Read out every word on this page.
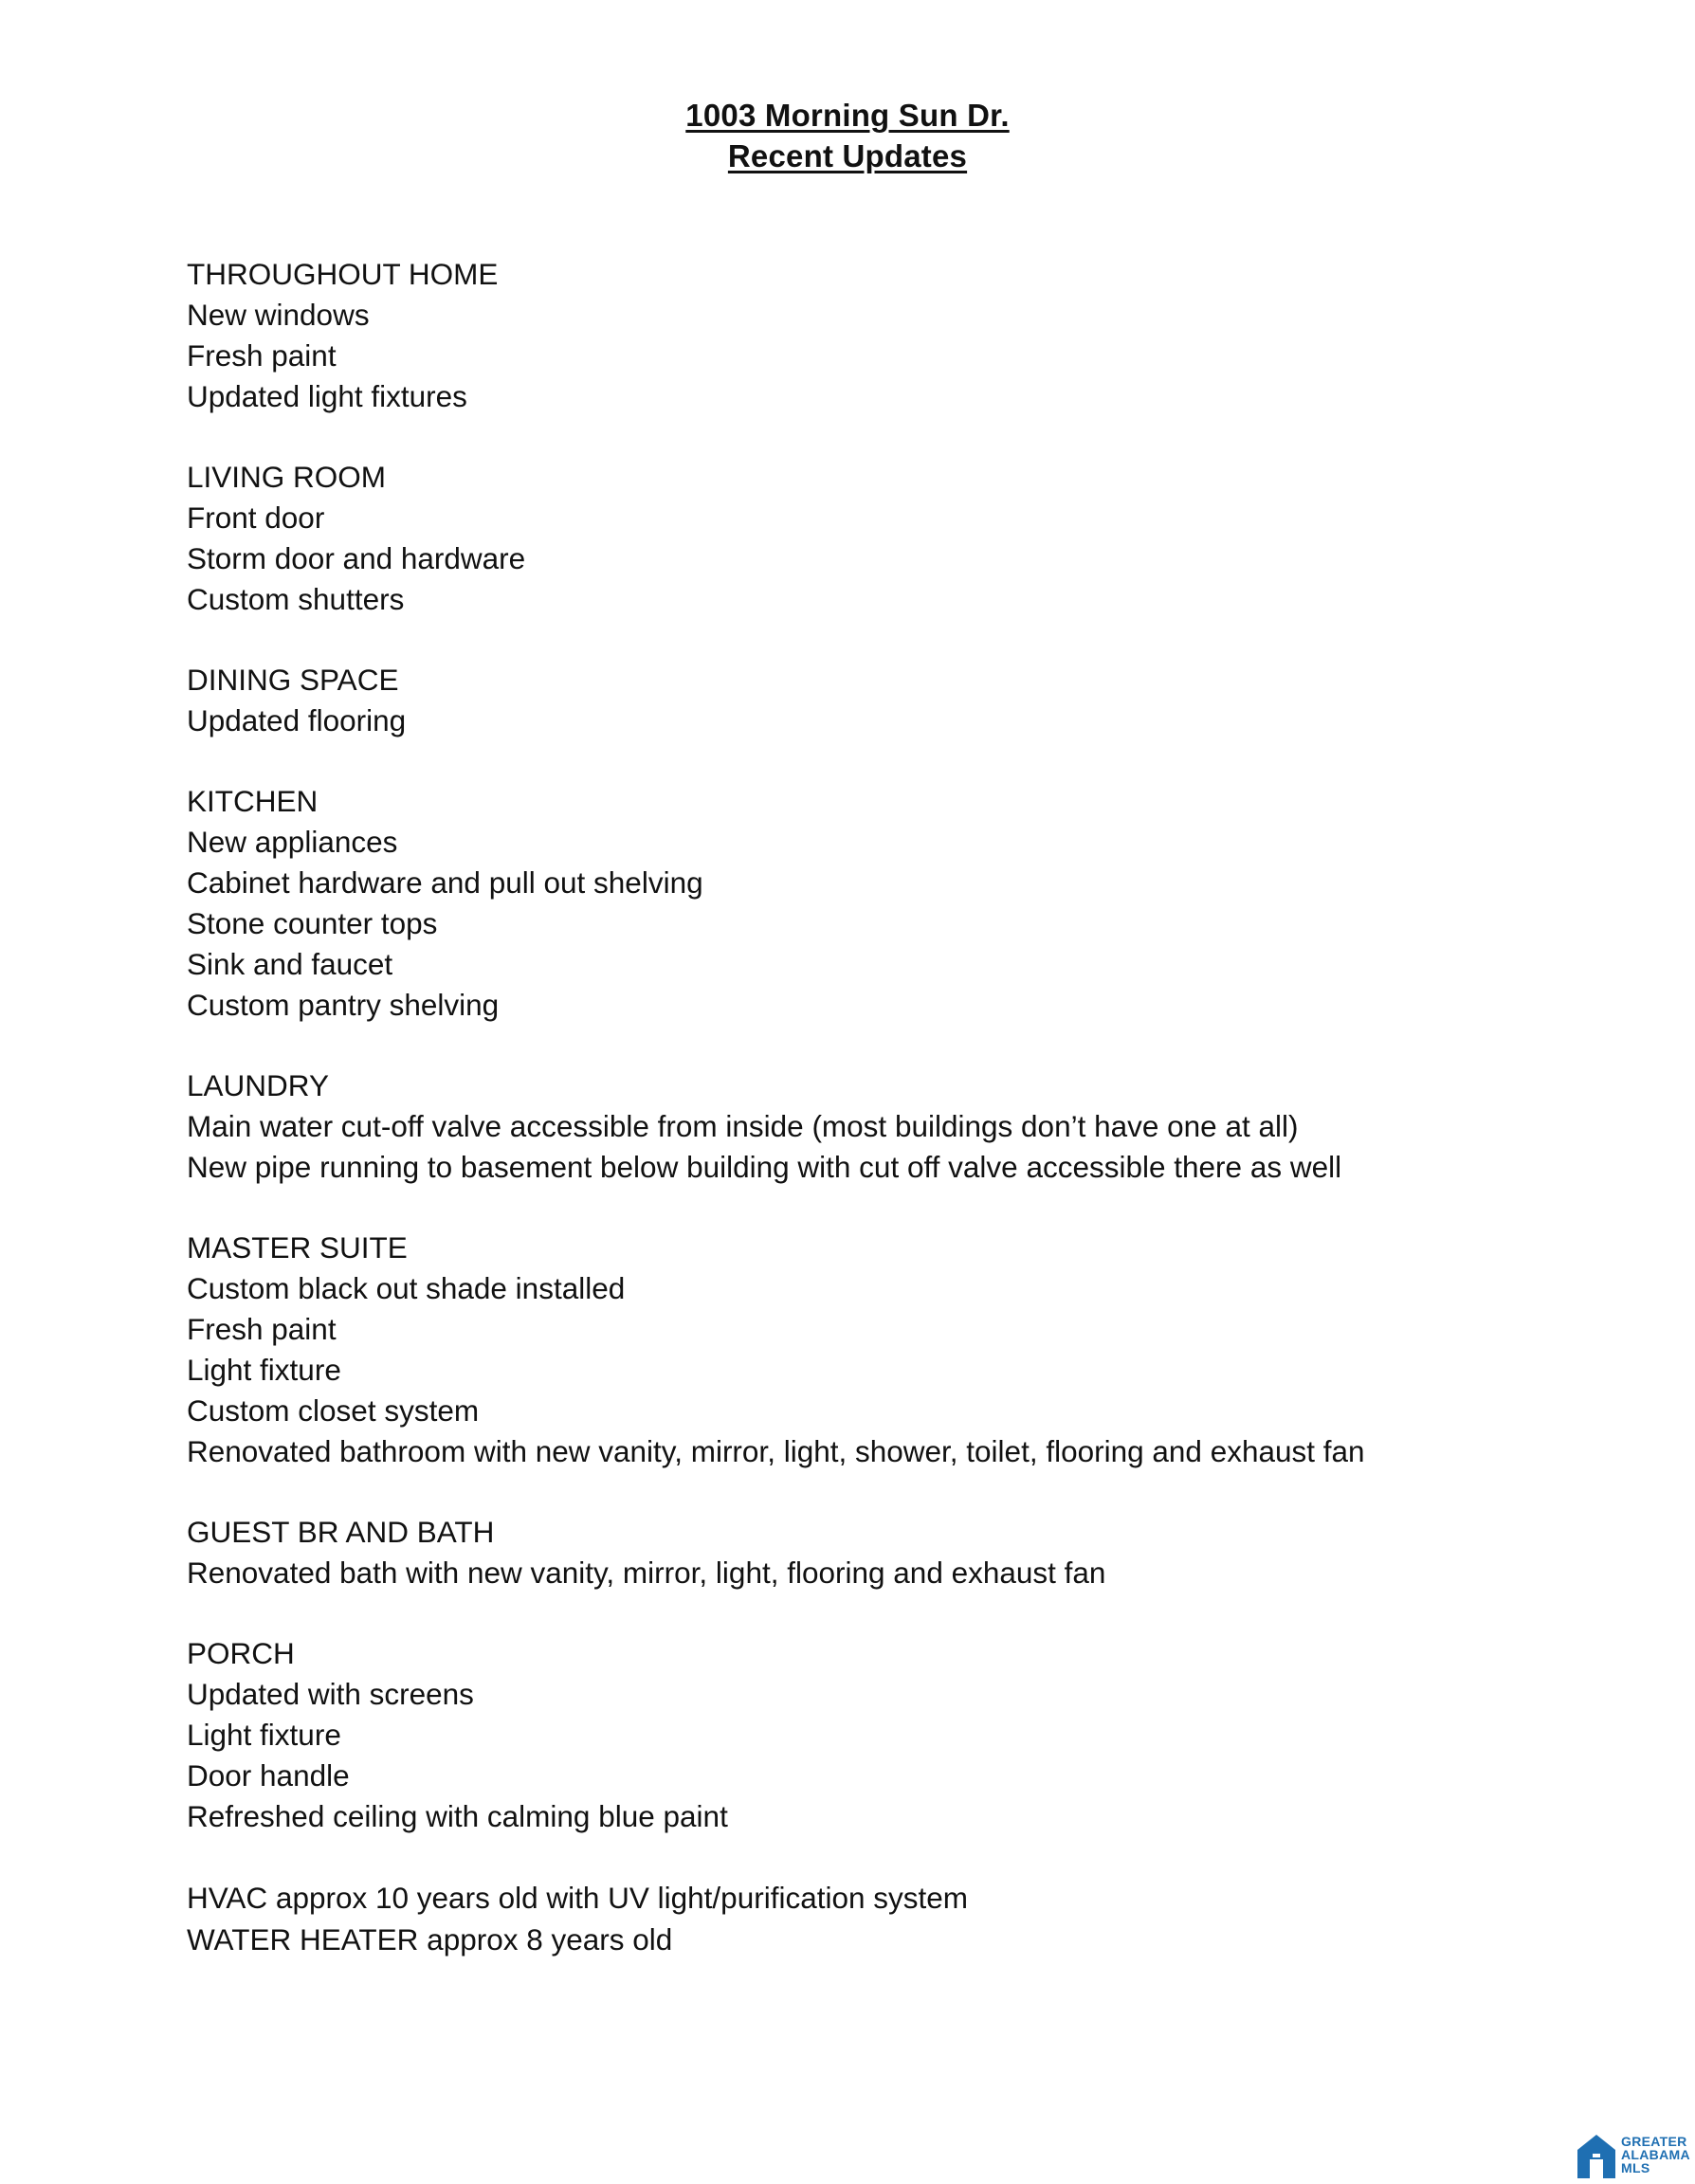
1003 Morning Sun Dr.
Recent Updates
THROUGHOUT HOME
New windows
Fresh paint
Updated light fixtures
LIVING ROOM
Front door
Storm door and hardware
Custom shutters
DINING SPACE
Updated flooring
KITCHEN
New appliances
Cabinet hardware and pull out shelving
Stone counter tops
Sink and faucet
Custom pantry shelving
LAUNDRY
Main water cut-off valve accessible from inside (most buildings don’t have one at all)
New pipe running to basement below building with cut off valve accessible there as well
MASTER SUITE
Custom black out shade installed
Fresh paint
Light fixture
Custom closet system
Renovated bathroom with new vanity, mirror, light, shower, toilet, flooring and exhaust fan
GUEST BR AND BATH
Renovated bath with new vanity, mirror, light, flooring and exhaust fan
PORCH
Updated with screens
Light fixture
Door handle
Refreshed ceiling with calming blue paint
HVAC approx 10 years old with UV light/purification system
WATER HEATER approx 8 years old
GREATER
ALABAMA
MLS
